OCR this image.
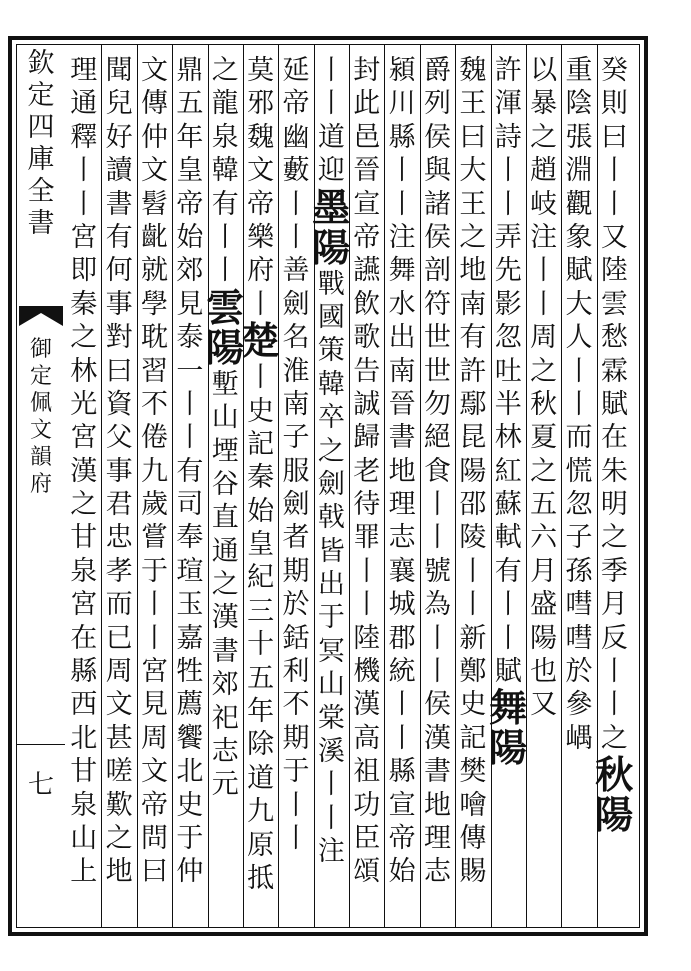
欽
定
四
庫
全
書
御
定
佩
文
韻
府
七
癸
則
曰
丨
丨
又
陸
雲
愁
霖
賦
在
朱
明
之
季
月
反
丨
丨
之
秋
陽
重
陰
張
淵
觀
象
賦
大
人
丨
丨
而
慌
忽
子
孫
嘒
嘒
於
參
嵎
以
暴
之
趙
岐
注
丨
丨
周
之
秋
夏
之
五
六
月
盛
陽
也
又
許
渾
詩
丨
丨
弄
先
影
忽
吐
半
林
紅
蘇
軾
有
丨
丨
賦
舞
陽
魏
王
曰
大
王
之
地
南
有
許
鄢
昆
陽
邵
陵
丨
丨
新
鄭
史
記
樊
噲
傳
賜
爵
列
侯
與
諸
侯
剖
符
世
世
勿
絕
食
丨
丨
號
為
丨
丨
侯
漢
書
地
理
志
潁
川
縣
丨
丨
注
舞
水
出
南
晉
書
地
理
志
襄
城
郡
統
丨
丨
縣
宣
帝
始
封
此
邑
晉
宣
帝
讌
飲
歌
告
誠
歸
老
待
罪
丨
丨
陸
機
漢
高
祖
功
臣
頌
丨
丨
道
迎
墨
陽
戰
國
策
韓
卒
之
劍
戟
皆
出
于
冥
山
棠
溪
丨
丨
注
延
帝
幽
藪
丨
丨
善
劍
名
淮
南
子
服
劍
者
期
於
銛
利
不
期
于
丨
丨
莫
邪
魏
文
帝
樂
府
丨
楚
丨
史
記
秦
始
皇
紀
三
十
五
年
除
道
九
原
抵
之
龍
泉
韓
有
丨
丨
雲
陽
塹
山
堙
谷
直
通
之
漢
書
郊
祀
志
元
鼎
五
年
皇
帝
始
郊
見
泰
一
丨
丨
有
司
奉
瑄
玉
嘉
牲
薦
饗
北
史
于
仲
文
傳
仲
文
髫
齔
就
學
耽
習
不
倦
九
歲
嘗
于
丨
丨
宮
見
周
文
帝
問
曰
聞
兒
好
讀
書
有
何
事
對
曰
資
父
事
君
忠
孝
而
已
周
文
甚
嗟
歎
之
地
理
通
釋
丨
丨
宮
即
秦
之
林
光
宮
漢
之
甘
泉
宮
在
縣
西
北
甘
泉
山
上
